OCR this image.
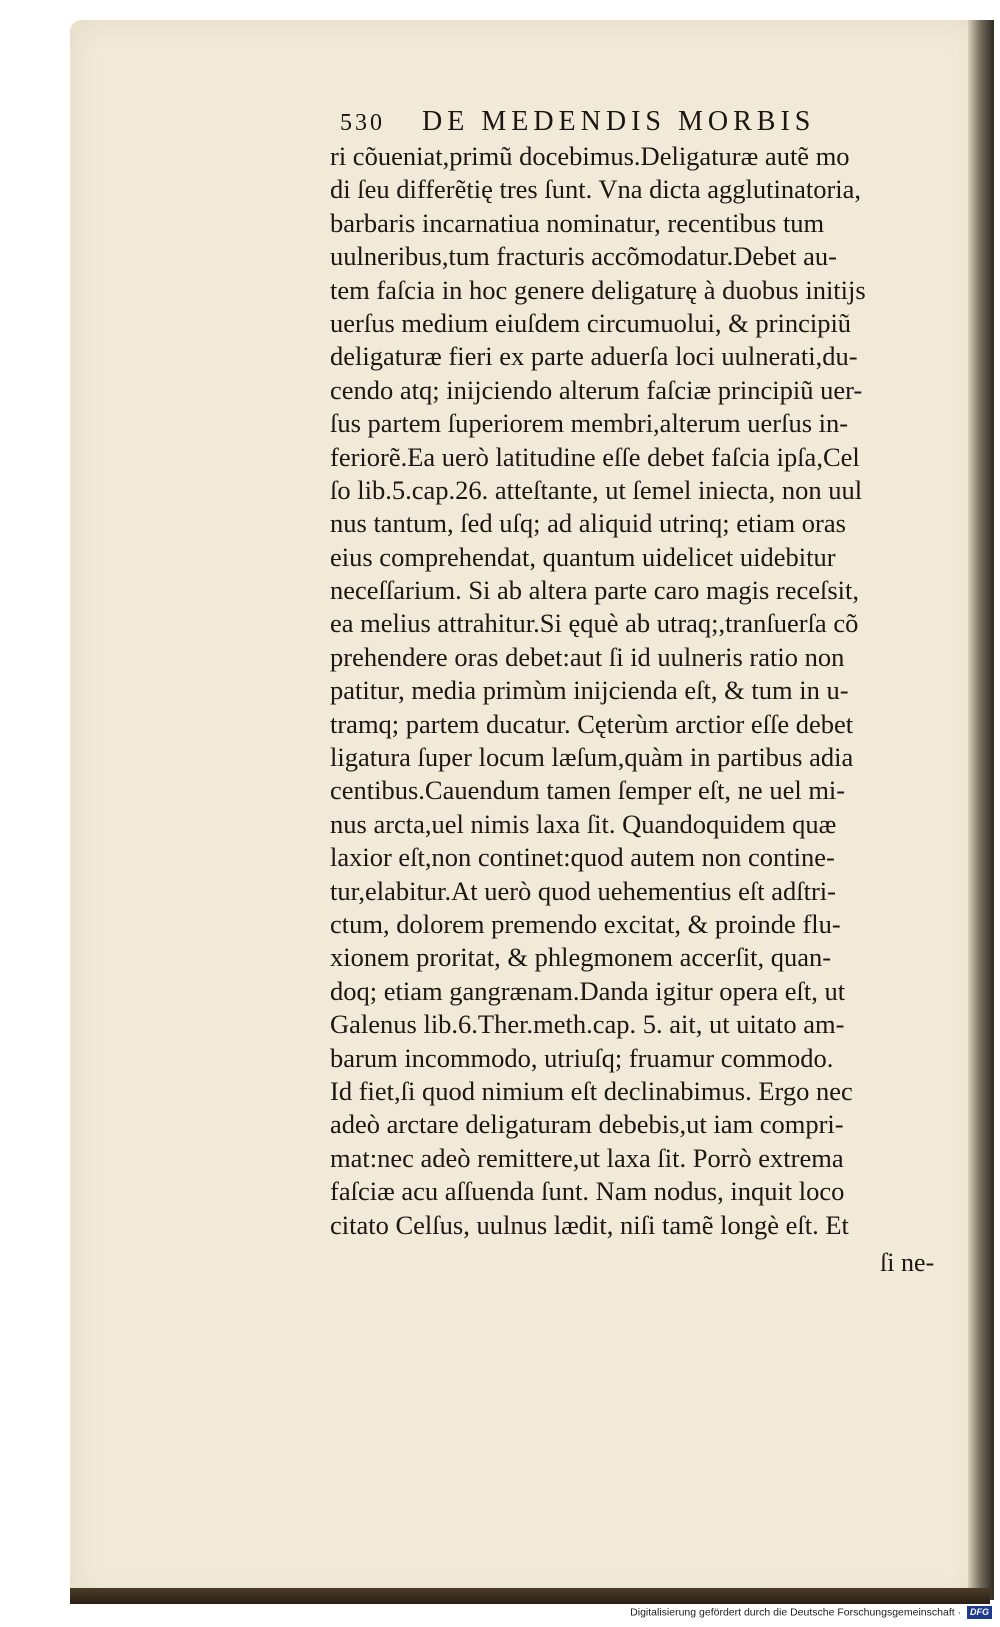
530 DE MEDENDIS MORBIS
ri cõueniat,primũ docebimus.Deligaturæ autẽ mo
di ſeu differẽtię tres ſunt. Vna dicta agglutinatoria,
barbaris incarnatiua nominatur, recentibus tum
uulneribus,tum fracturis accõmodatur.Debet au-
tem faſcia in hoc genere deligaturę à duobus initijs
uerſus medium eiuſdem circumuolui, & principiũ
deligaturæ fieri ex parte aduerſa loci uulnerati,du-
cendo atq; inijciendo alterum faſciæ principiũ uer-
ſus partem ſuperiorem membri,alterum uerſus in-
feriorẽ.Ea uerò latitudine eſſe debet faſcia ipſa,Cel
ſo lib.5.cap.26. atteſtante, ut ſemel iniecta, non uul
nus tantum, ſed uſq; ad aliquid utrinq; etiam oras
eius comprehendat, quantum uidelicet uidebitur
neceſſarium. Si ab altera parte caro magis receſsit,
ea melius attrahitur.Si ęquè ab utraq;,tranſuerſa cõ
prehendere oras debet:aut ſi id uulneris ratio non
patitur, media primùm inijcienda eſt, & tum in u-
tramq; partem ducatur. Cęterùm arctior eſſe debet
ligatura ſuper locum læſum,quàm in partibus adia
centibus.Cauendum tamen ſemper eſt, ne uel mi-
nus arcta,uel nimis laxa ſit. Quandoquidem quæ
laxior eſt,non continet:quod autem non contine-
tur,elabitur.At uerò quod uehementius eſt adſtri-
ctum, dolorem premendo excitat, & proinde flu-
xionem proritat, & phlegmonem accerſit, quan-
doq; etiam gangrænam.Danda igitur opera eſt, ut
Galenus lib.6.Ther.meth.cap. 5. ait, ut uitato am-
barum incommodo, utriuſq; fruamur commodo.
Id fiet,ſi quod nimium eſt declinabimus. Ergo nec
adeò arctare deligaturam debebis,ut iam compri-
mat:nec adeò remittere,ut laxa ſit. Porrò extrema
faſciæ acu aſſuenda ſunt. Nam nodus, inquit loco
citato Celſus, uulnus lædit, niſi tamẽ longè eſt. Et
ſi ne-
Digitalisierung gefördert durch die Deutsche Forschungsgemeinschaft · DFG
